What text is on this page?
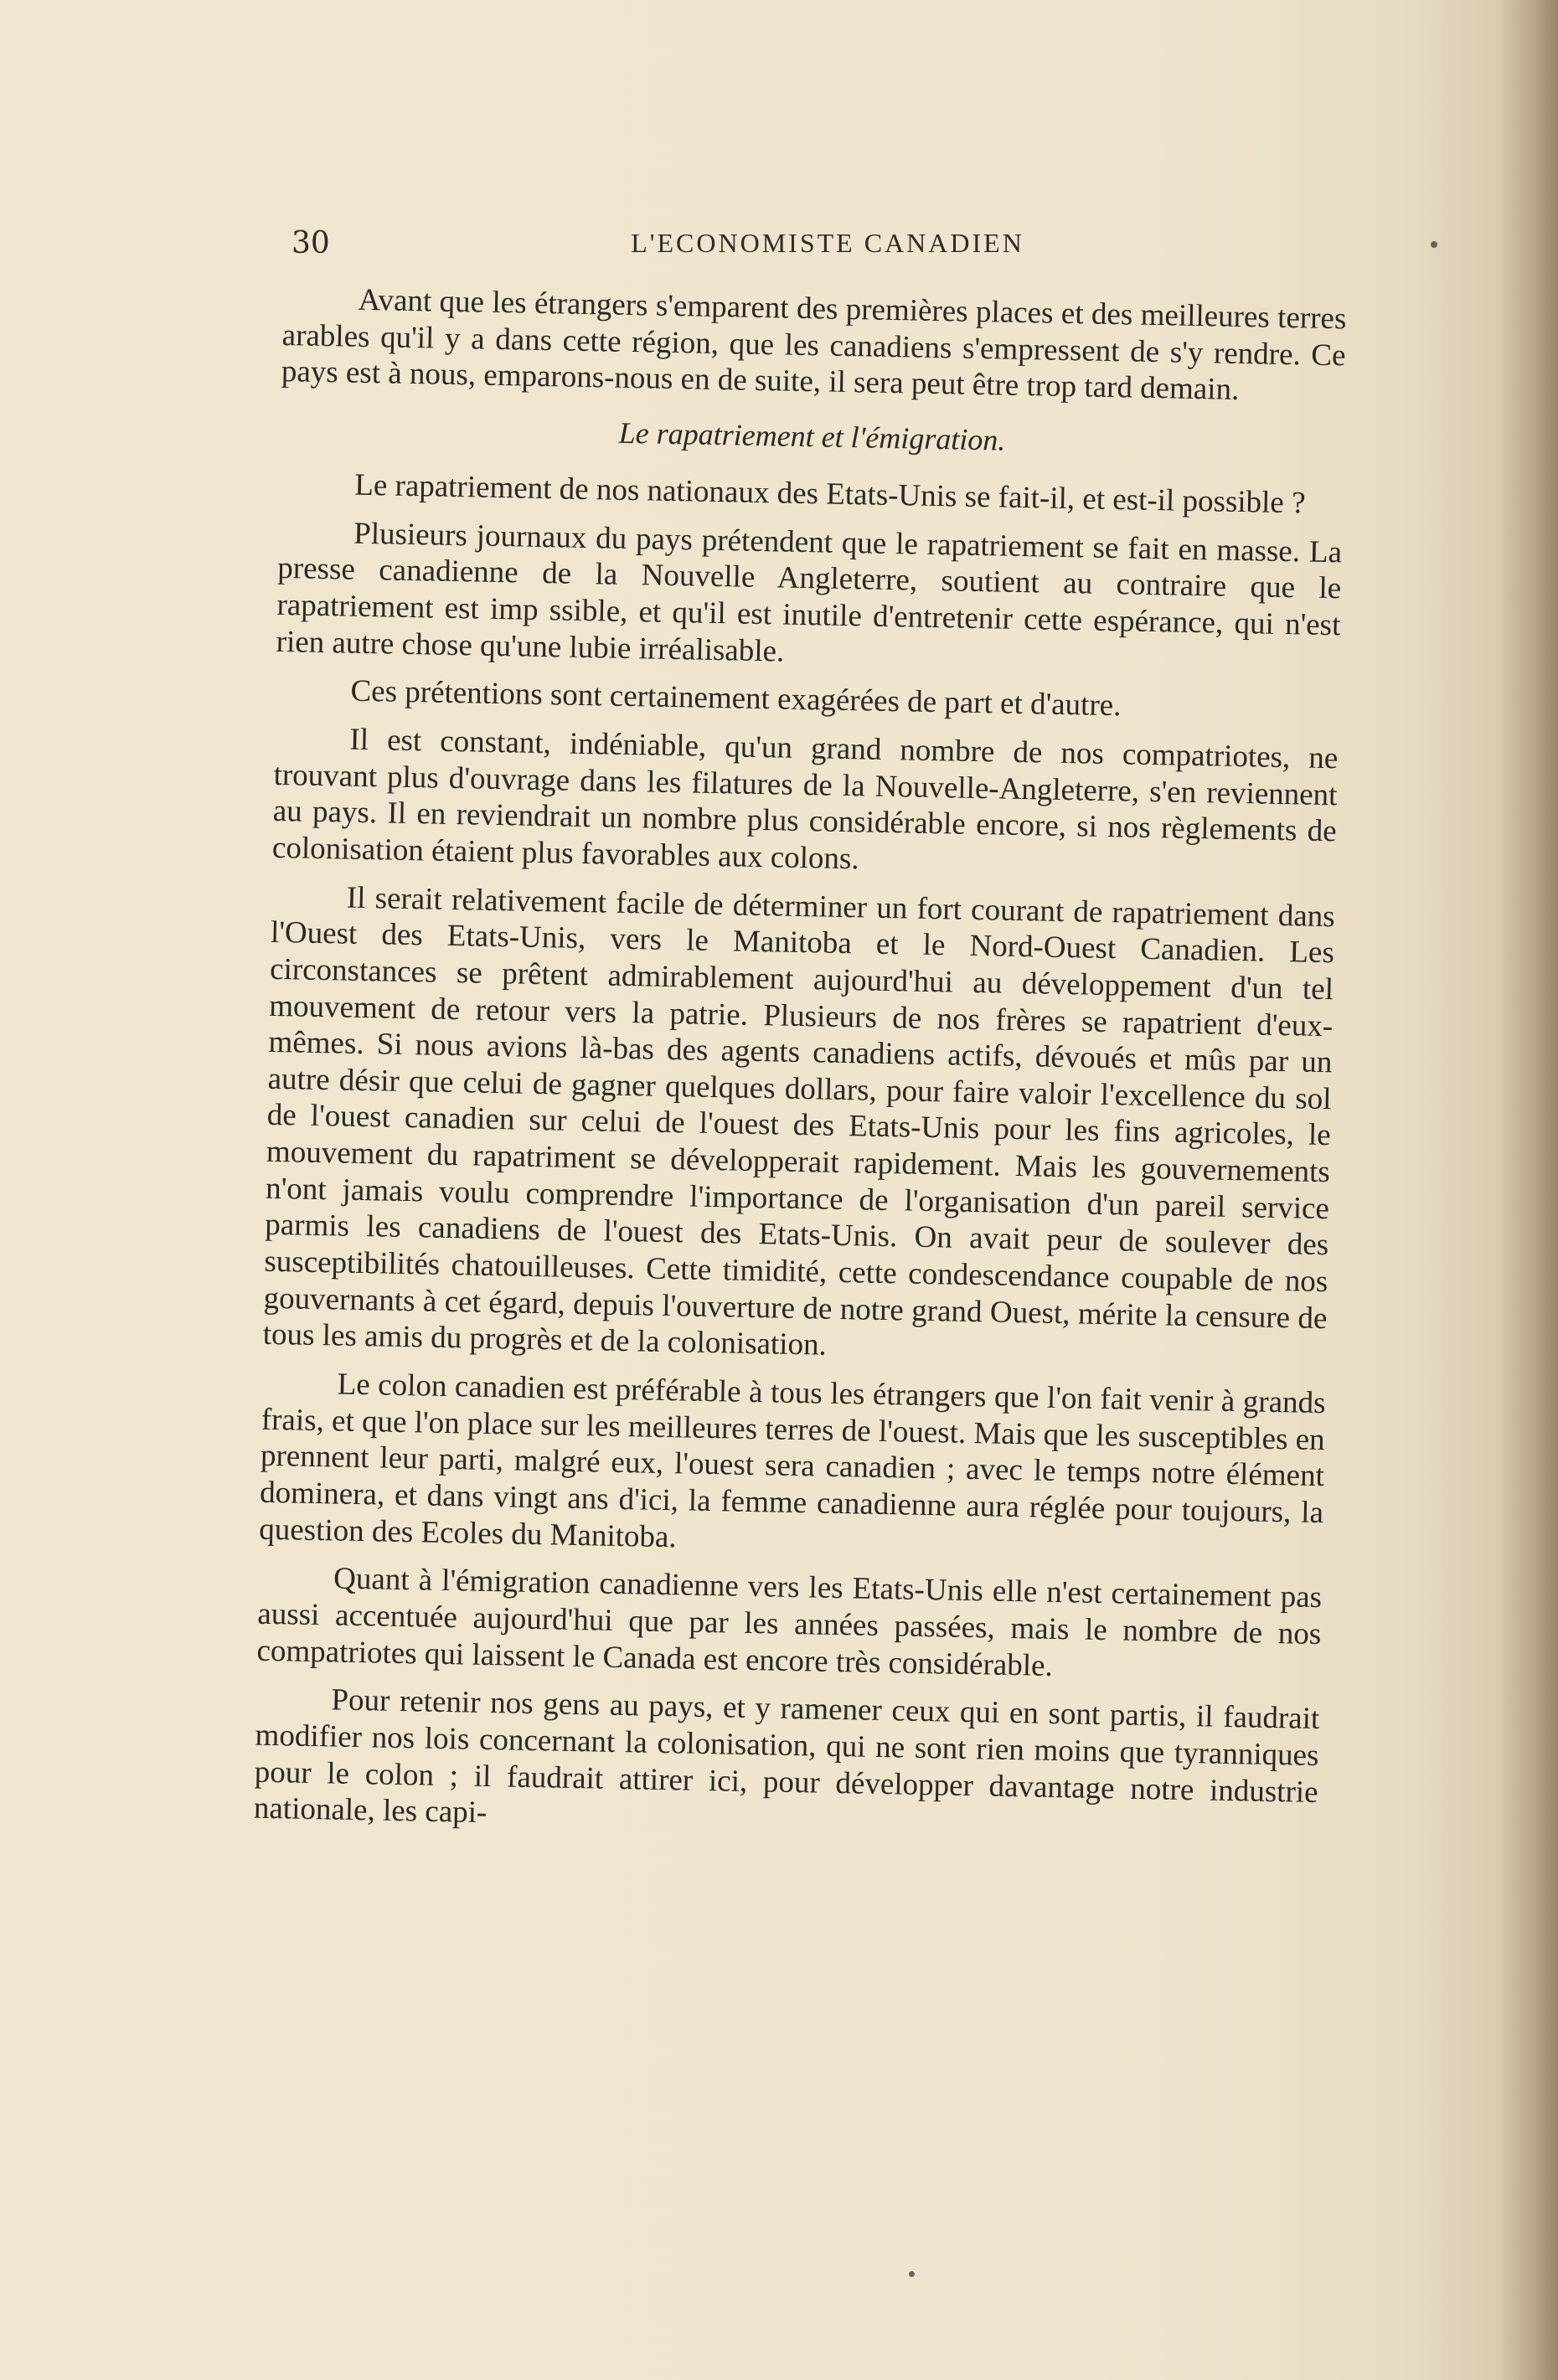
30	L'ECONOMISTE CANADIEN

Avant que les étrangers s'emparent des premières places et des meilleures terres arables qu'il y a dans cette région, que les canadiens s'empressent de s'y rendre. Ce pays est à nous, emparons-nous en de suite, il sera peut être trop tard demain.

Le rapatriement et l'émigration.

Le rapatriement de nos nationaux des Etats-Unis se fait-il, et est-il possible ?

Plusieurs journaux du pays prétendent que le rapatriement se fait en masse. La presse canadienne de la Nouvelle Angleterre, soutient au contraire que le rapatriement est imp ssible, et qu'il est inutile d'entretenir cette espérance, qui n'est rien autre chose qu'une lubie irréalisable.

Ces prétentions sont certainement exagérées de part et d'autre.

Il est constant, indéniable, qu'un grand nombre de nos compatriotes, ne trouvant plus d'ouvrage dans les filatures de la Nouvelle-Angleterre, s'en reviennent au pays. Il en reviendrait un nombre plus considérable encore, si nos règlements de colonisation étaient plus favorables aux colons.

Il serait relativement facile de déterminer un fort courant de rapatriement dans l'Ouest des Etats-Unis, vers le Manitoba et le Nord-Ouest Canadien. Les circonstances se prêtent admirablement aujourd'hui au développement d'un tel mouvement de retour vers la patrie. Plusieurs de nos frères se rapatrient d'eux-mêmes. Si nous avions là-bas des agents canadiens actifs, dévoués et mûs par un autre désir que celui de gagner quelques dollars, pour faire valoir l'excellence du sol de l'ouest canadien sur celui de l'ouest des Etats-Unis pour les fins agricoles, le mouvement du rapatriment se développerait rapidement. Mais les gouvernements n'ont jamais voulu comprendre l'importance de l'organisation d'un pareil service parmis les canadiens de l'ouest des Etats-Unis. On avait peur de soulever des susceptibilités chatouilleuses. Cette timidité, cette condescendance coupable de nos gouvernants à cet égard, depuis l'ouverture de notre grand Ouest, mérite la censure de tous les amis du progrès et de la colonisation.

Le colon canadien est préférable à tous les étrangers que l'on fait venir à grands frais, et que l'on place sur les meilleures terres de l'ouest. Mais que les susceptibles en prennent leur parti, malgré eux, l'ouest sera canadien ; avec le temps notre élément dominera, et dans vingt ans d'ici, la femme canadienne aura réglée pour toujours, la question des Ecoles du Manitoba.

Quant à l'émigration canadienne vers les Etats-Unis elle n'est certainement pas aussi accentuée aujourd'hui que par les années passées, mais le nombre de nos compatriotes qui laissent le Canada est encore très considérable.

Pour retenir nos gens au pays, et y ramener ceux qui en sont partis, il faudrait modifier nos lois concernant la colonisation, qui ne sont rien moins que tyranniques pour le colon ; il faudrait attirer ici, pour développer davantage notre industrie nationale, les capi-
